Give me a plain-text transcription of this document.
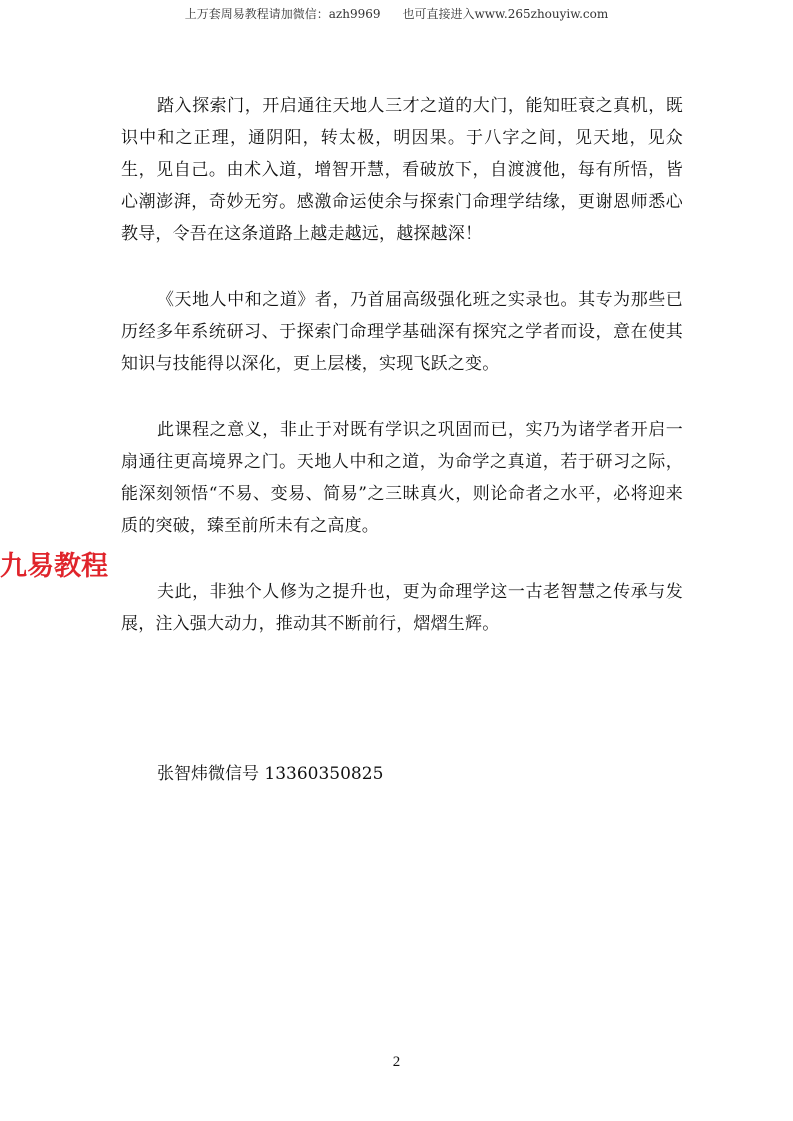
上万套周易教程请加微信：azh9969 也可直接进入www.265zhouyiw.com

踏入探索门，开启通往天地人三才之道的大门，能知旺衰之真机，既识中和之正理，通阴阳，转太极，明因果。于八字之间，见天地，见众生，见自己。由术入道，增智开慧，看破放下，自渡渡他，每有所悟，皆心潮澎湃，奇妙无穷。感激命运使余与探索门命理学结缘，更谢恩师悉心教导，令吾在这条道路上越走越远，越探越深！

《天地人中和之道》者，乃首届高级强化班之实录也。其专为那些已历经多年系统研习、于探索门命理学基础深有探究之学者而设，意在使其知识与技能得以深化，更上层楼，实现飞跃之变。

此课程之意义，非止于对既有学识之巩固而已，实乃为诸学者开启一扇通往更高境界之门。天地人中和之道，为命学之真道，若于研习之际，能深刻领悟“不易、变易、简易”之三昧真火，则论命者之水平，必将迎来质的突破，臻至前所未有之高度。

夫此，非独个人修为之提升也，更为命理学这一古老智慧之传承与发展，注入强大动力，推动其不断前行，熠熠生辉。

张智炜微信号 13360350825
九易教程
2
